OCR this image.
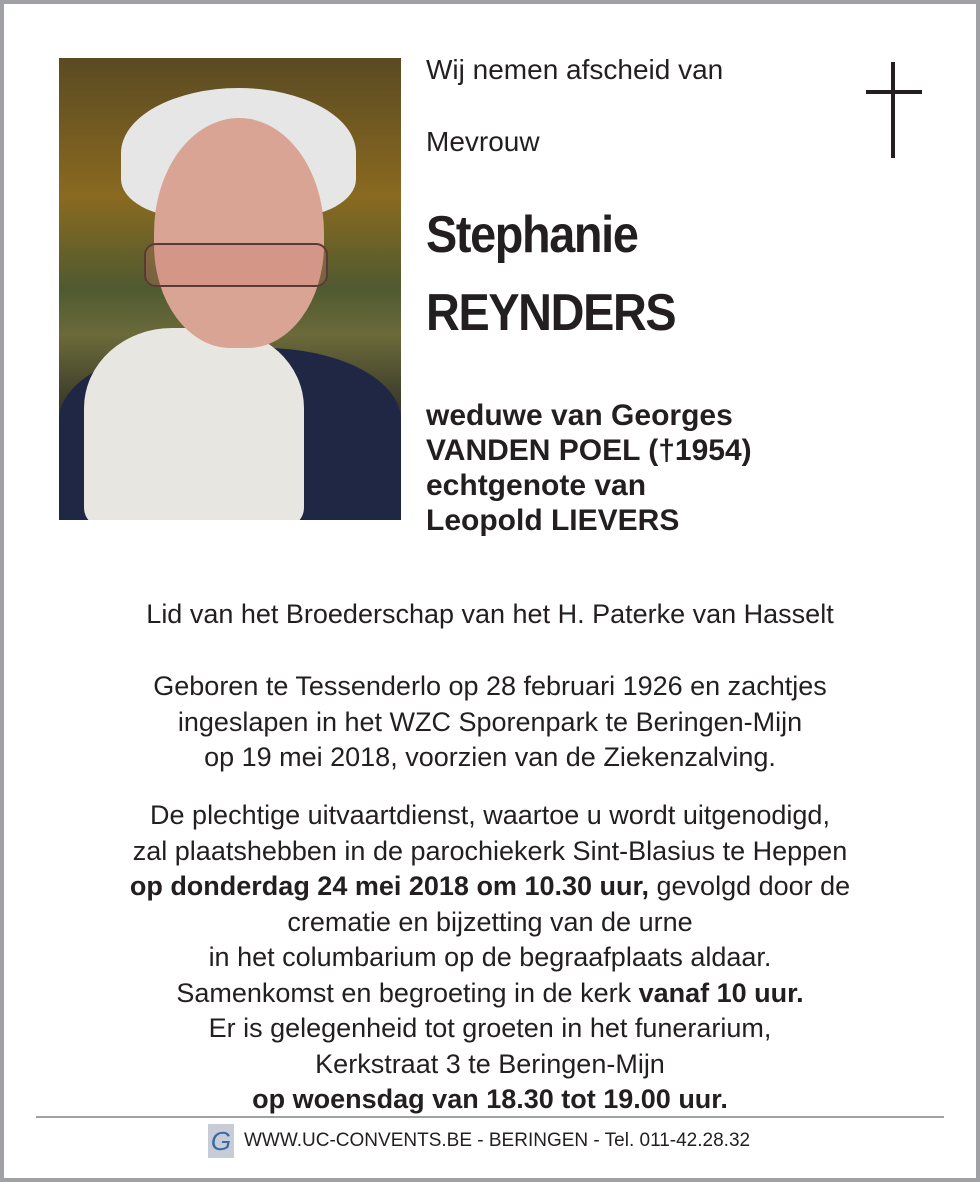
Wij nemen afscheid van
Mevrouw
Stephanie
REYNDERS
weduwe van Georges
VANDEN POEL (†1954)
echtgenote van
Leopold LIEVERS
Lid van het Broederschap van het H. Paterke van Hasselt
Geboren te Tessenderlo op 28 februari 1926 en zachtjes
ingeslapen in het WZC Sporenpark te Beringen-Mijn
op 19 mei 2018, voorzien van de Ziekenzalving.
De plechtige uitvaartdienst, waartoe u wordt uitgenodigd,
zal plaatshebben in de parochiekerk Sint-Blasius te Heppen
op donderdag 24 mei 2018 om 10.30 uur, gevolgd door de
crematie en bijzetting van de urne
in het columbarium op de begraafplaats aldaar.
Samenkomst en begroeting in de kerk vanaf 10 uur.
Er is gelegenheid tot groeten in het funerarium,
Kerkstraat 3 te Beringen-Mijn
op woensdag van 18.30 tot 19.00 uur.
G WWW.UC-CONVENTS.BE - BERINGEN - Tel. 011-42.28.32
